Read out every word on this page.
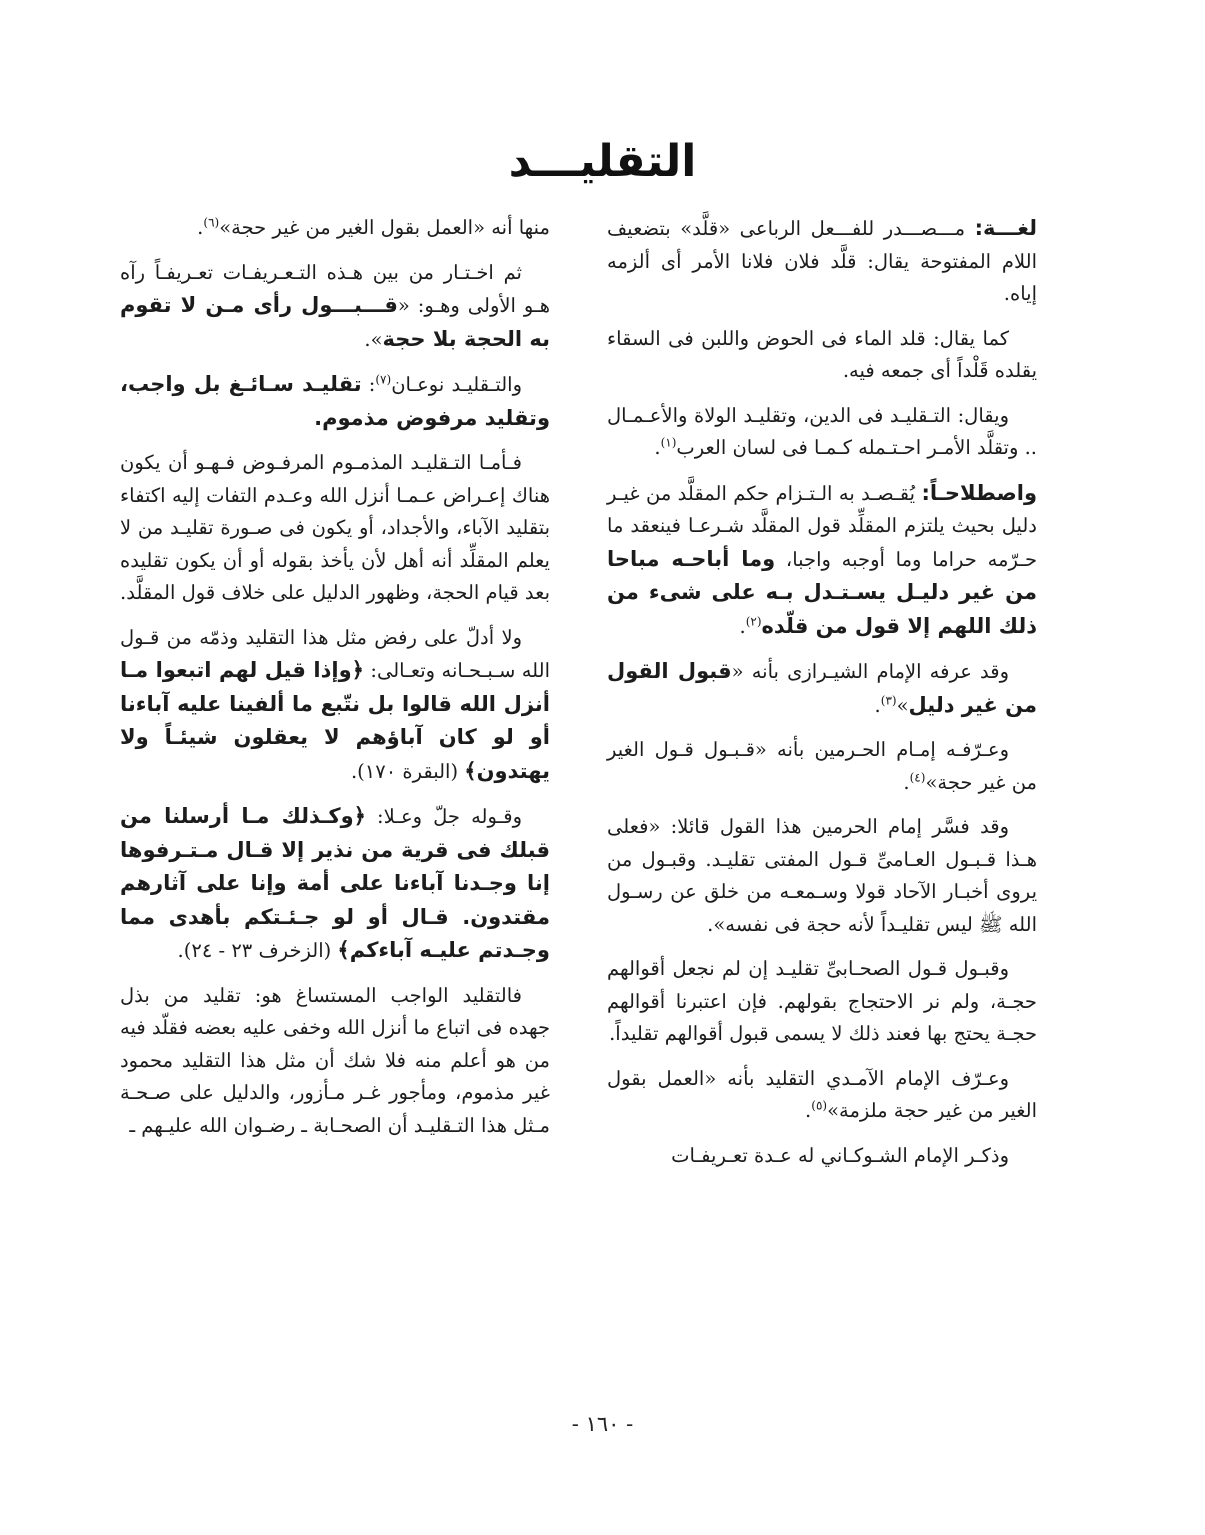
التقليـــد

لغـــة: مـــصـــدر للفـــعل الرباعى «قلَّد» بتضعيف اللام المفتوحة يقال: قلَّد فلان فلانا الأمر أى ألزمه إياه.

كما يقال: قلد الماء فى الحوض واللبن فى السقاء يقلده قَلْداً أى جمعه فيه.

ويقال: التـقليـد فى الدين، وتقليـد الولاة والأعـمـال .. وتقلَّد الأمـر احـتـمله كـمـا فى لسان العرب$^{(١)}$.

واصطلاحـاً: يُقـصـد به الـتـزام حكم المقلَّد من غيـر دليل بحيث يلتزم المقلِّد قول المقلَّد شـرعـا فينعقد ما حـرّمه حراما وما أوجبه واجبا، وما أباحـه مباحا من غير دليـل يسـتـدل بـه على شىء من ذلك اللهم إلا قول من قلّده$^{(٢)}$.

وقد عرفه الإمام الشيـرازى بأنه «قبول القول من غير دليل»$^{(٣)}$.

وعـرّفـه إمـام الحـرمين بأنه «قـبـول قـول الغير من غير حجة»$^{(٤)}$.

وقد فسَّر إمام الحرمين هذا القول قائلا: «فعلى هـذا قـبـول العـامىِّ قـول المفتى تقليـد. وقبـول من يروى أخبـار الآحاد قولا وسـمعـه من خلق عن رسـول الله ﷺ ليس تقليـداً لأنه حجة فى نفسه».

وقبـول قـول الصحـابىِّ تقليـد إن لم نجعل أقوالهم حجـة، ولم نر الاحتجاج بقولهم. فإن اعتبرنا أقوالهم حجـة يحتج بها فعند ذلك لا يسمى قبول أقوالهم تقليداً.

وعـرّف الإمام الآمـدي التقليد بأنه «العمل بقول الغير من غير حجة ملزمة»$^{(٥)}$.

وذكـر الإمام الشـوكـاني له عـدة تعـريفـات

منها أنه «العمل بقول الغير من غير حجة»$^{(٦)}$.

ثم اخـتـار من بين هـذه التـعـريفـات تعـريفـاً رآه هـو الأولى وهـو: «قـــبـــول رأى مـن لا تقوم به الحجة بلا حجة».

والتـقليـد نوعـان$^{(٧)}$: تقليـد سـائـغ بل واجب، وتقليد مرفوض مذموم.

فـأمـا التـقليـد المذمـوم المرفـوض فـهـو أن يكون هناك إعـراض عـمـا أنزل الله وعـدم التفات إليه اكتفاء بتقليد الآباء، والأجداد، أو يكون فى صـورة تقليـد من لا يعلم المقلِّد أنه أهل لأن يأخذ بقوله أو أن يكون تقليده بعد قيام الحجة، وظهور الدليل على خلاف قول المقلَّد.

ولا أدلّ على رفض مثل هذا التقليد وذمّه من قـول الله سـبـحـانه وتعـالى: ﴿وإذا قيل لهم اتبعوا مـا أنزل الله قالوا بل نتّبع ما ألفينا عليه آباءنا أو لو كان آباؤهم لا يعقلون شيئـاً ولا يهتدون﴾ (البقرة ١٧٠).

وقـوله جلّ وعـلا: ﴿وكـذلك مـا أرسلنا من قبلك فى قرية من نذير إلا قـال مـتـرفوها إنا وجـدنا آباءنا على أمة وإنا على آثارهم مقتدون. قـال أو لو جـئـتكم بأهدى مما وجـدتم عليـه آباءكم﴾ (الزخرف ٢٣ - ٢٤).

فالتقليد الواجب المستساغ هو: تقليد من بذل جهده فى اتباع ما أنزل الله وخفى عليه بعضه فقلّد فيه من هو أعلم منه فلا شك أن مثل هذا التقليد محمود غير مذموم، ومأجور غـر مـأزور، والدليل على صـحـة مـثل هذا التـقليـد أن الصحـابة ـ رضـوان الله عليـهم ـ

- ١٦٠ -
